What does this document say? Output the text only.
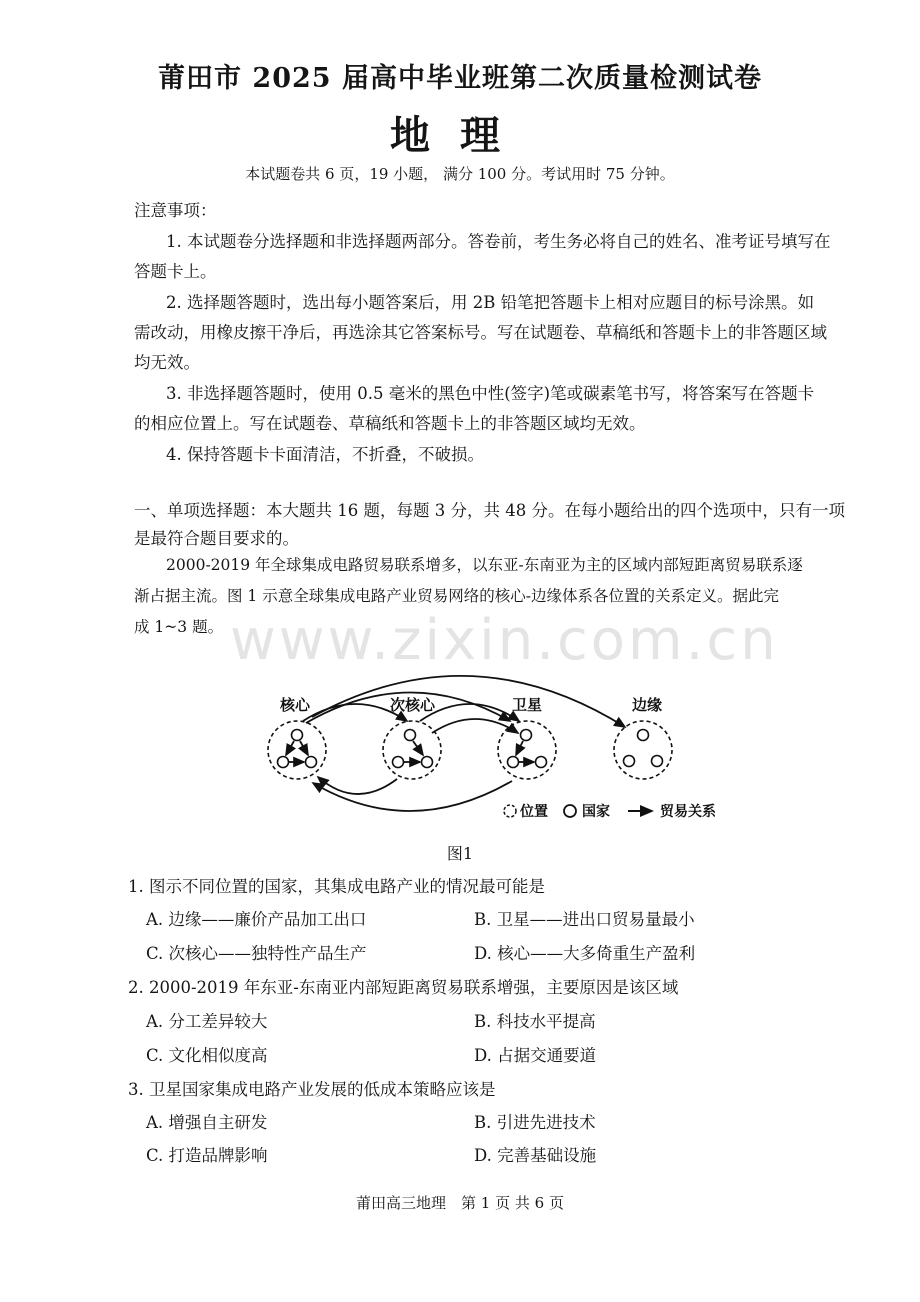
莆田市 2025 届高中毕业班第二次质量检测试卷
地理
本试题卷共 6 页，19 小题， 满分 100 分。考试用时 75 分钟。
注意事项：
1. 本试题卷分选择题和非选择题两部分。答卷前，考生务必将自己的姓名、准考证号填写在
答题卡上。
2. 选择题答题时，选出每小题答案后，用 2B 铅笔把答题卡上相对应题目的标号涂黑。如
需改动，用橡皮擦干净后，再选涂其它答案标号。写在试题卷、草稿纸和答题卡上的非答题区域
均无效。
3. 非选择题答题时，使用 0.5 毫米的黑色中性(签字)笔或碳素笔书写，将答案写在答题卡
的相应位置上。写在试题卷、草稿纸和答题卡上的非答题区域均无效。
4. 保持答题卡卡面清洁，不折叠，不破损。
一、单项选择题：本大题共 16 题，每题 3 分，共 48 分。在每小题给出的四个选项中，只有一项
是最符合题目要求的。
www.zixin.com.cn
2000-2019 年全球集成电路贸易联系增多，以东亚-东南亚为主的区域内部短距离贸易联系逐
渐占据主流。图 1 示意全球集成电路产业贸易网络的核心-边缘体系各位置的关系定义。据此完
成 1~3 题。
核心	次核心	卫星	边缘
位置 国家	贸易关系
图1
1. 图示不同位置的国家，其集成电路产业的情况最可能是
A. 边缘——廉价产品加工出口	B. 卫星——进出口贸易量最小
C. 次核心——独特性产品生产	D. 核心——大多倚重生产盈利
2. 2000-2019 年东亚-东南亚内部短距离贸易联系增强，主要原因是该区域
A. 分工差异较大	B. 科技水平提高
C. 文化相似度高	D. 占据交通要道
3. 卫星国家集成电路产业发展的低成本策略应该是
A. 增强自主研发	B. 引进先进技术
C. 打造品牌影响	D. 完善基础设施
莆田高三地理　第 1 页 共 6 页
